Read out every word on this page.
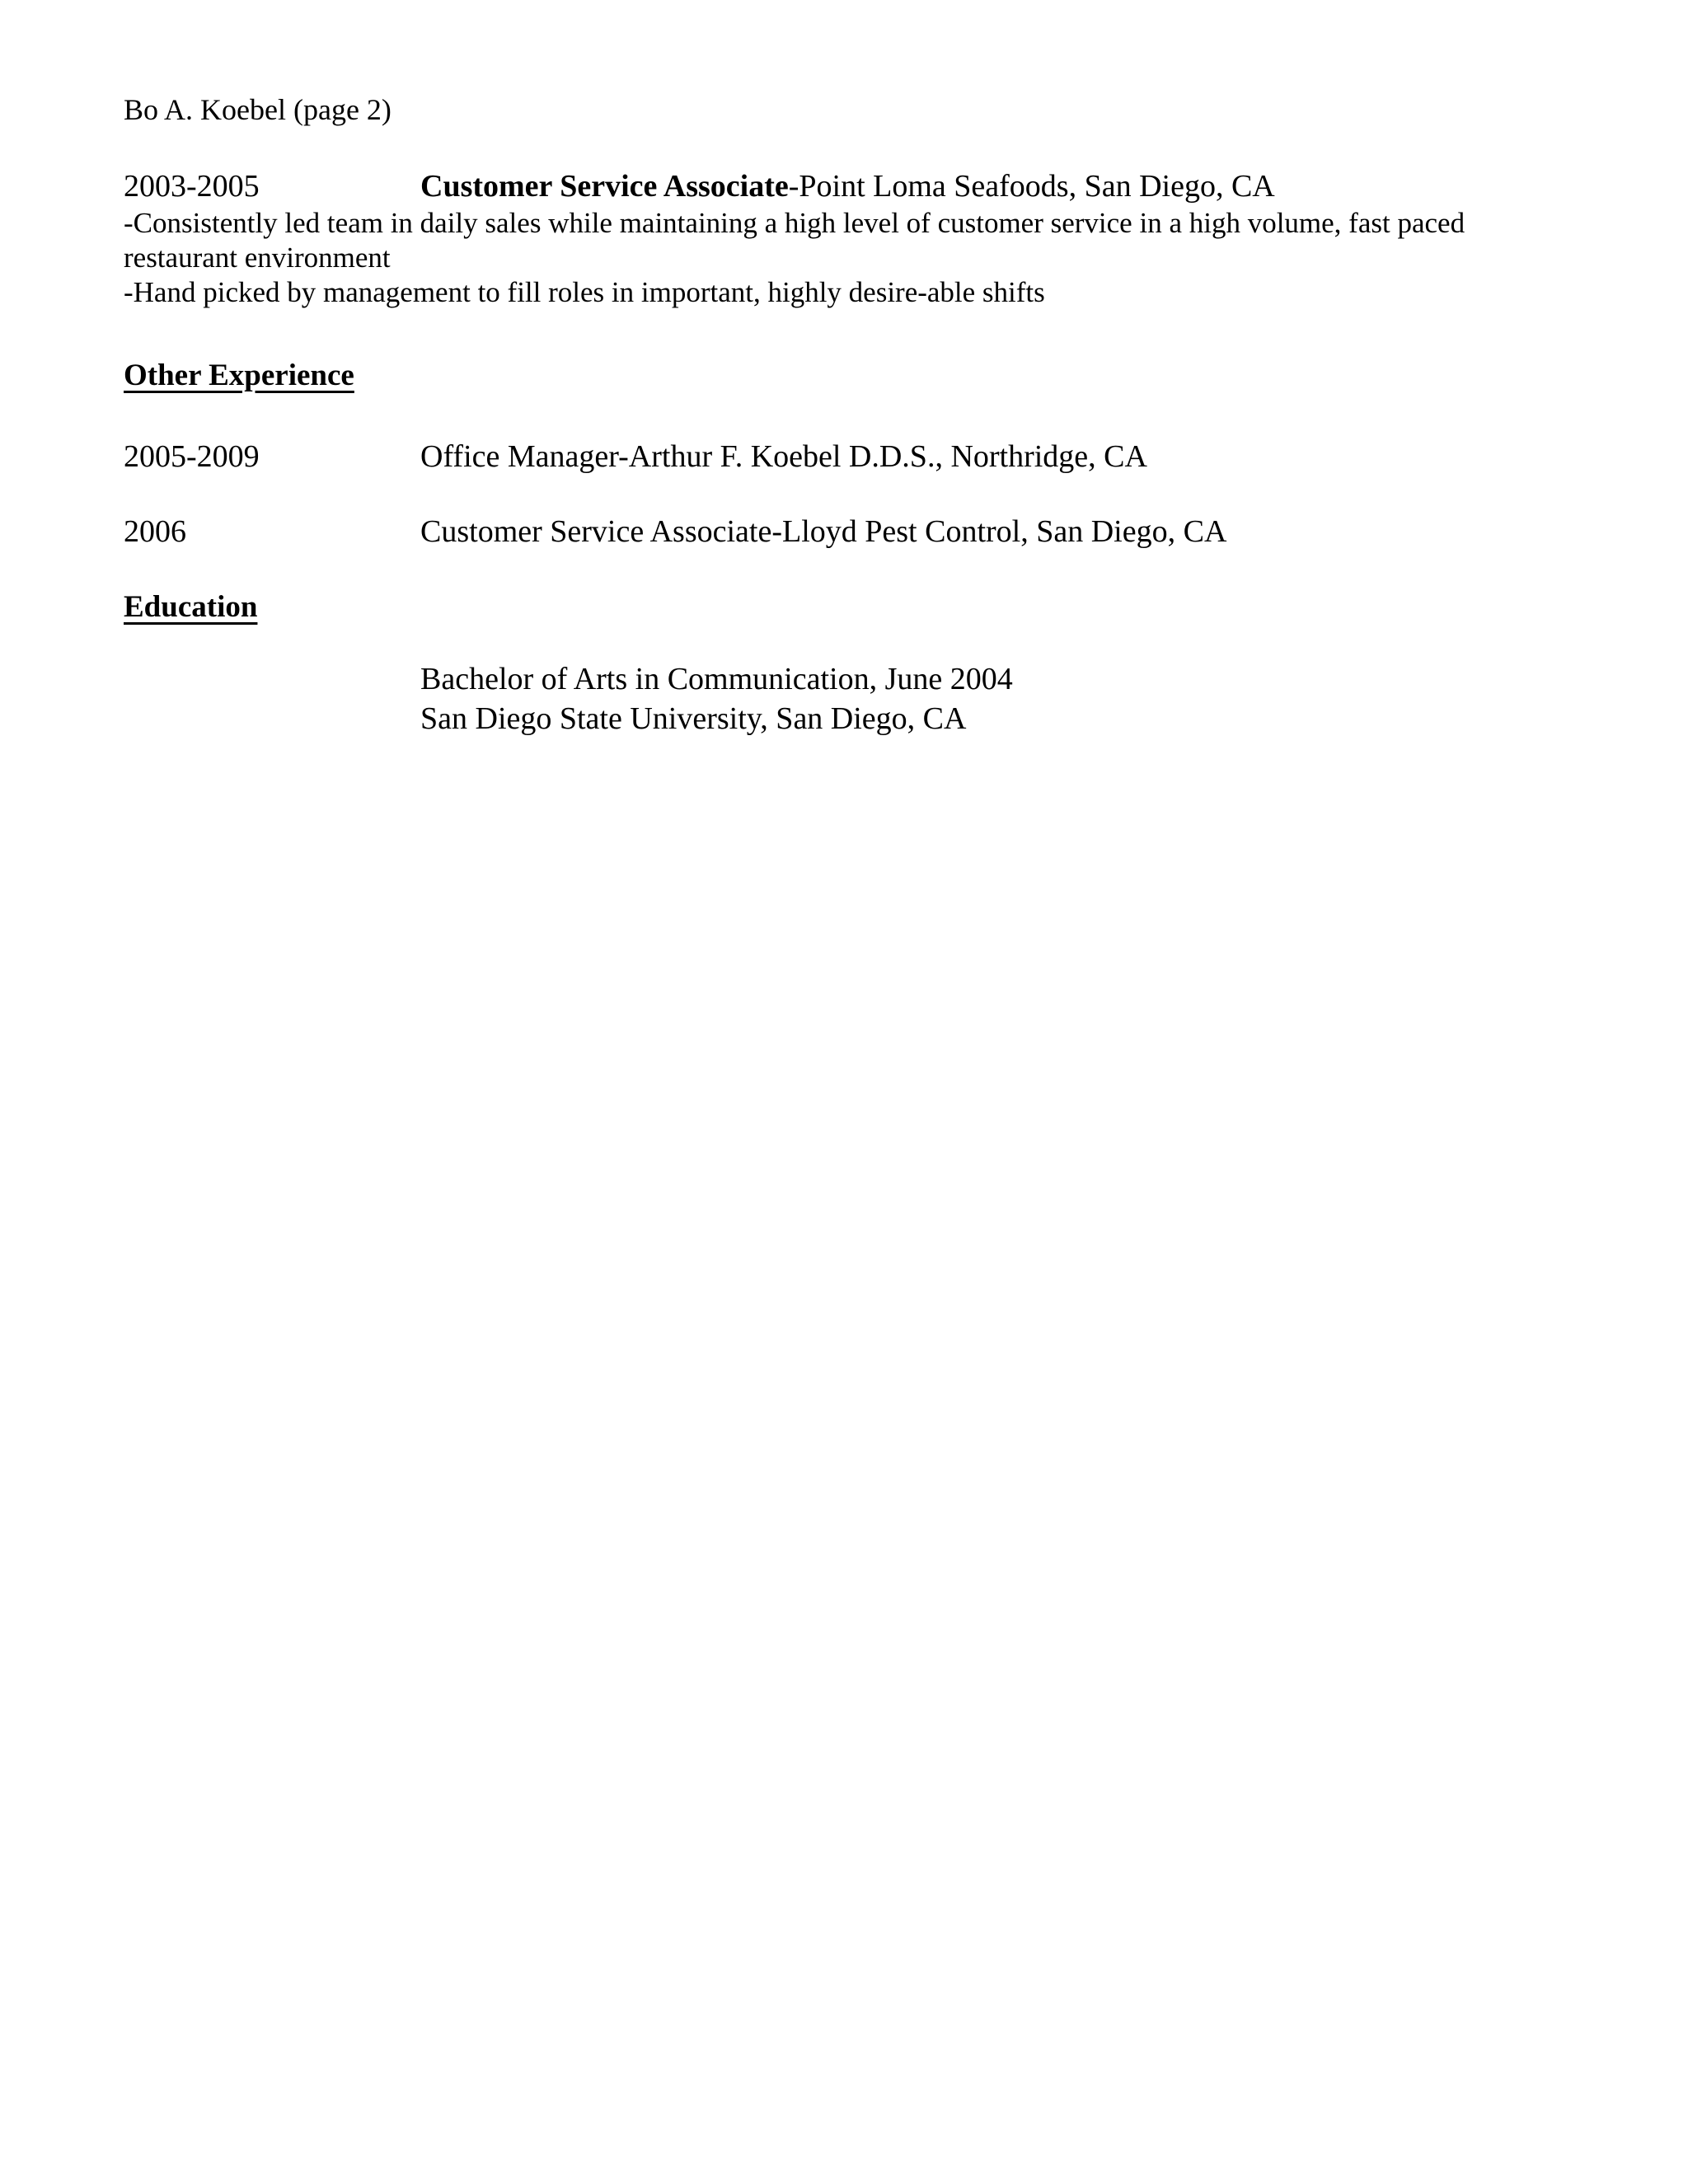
Bo A. Koebel (page 2)
2003-2005	Customer Service Associate-Point Loma Seafoods, San Diego, CA
-Consistently led team in daily sales while maintaining a high level of customer service in a high volume, fast paced restaurant environment
-Hand picked by management to fill roles in important, highly desire-able shifts
Other Experience
2005-2009	Office Manager-Arthur F. Koebel D.D.S., Northridge, CA
2006	Customer Service Associate-Lloyd Pest Control, San Diego, CA
Education
Bachelor of Arts in Communication, June 2004
San Diego State University, San Diego, CA
